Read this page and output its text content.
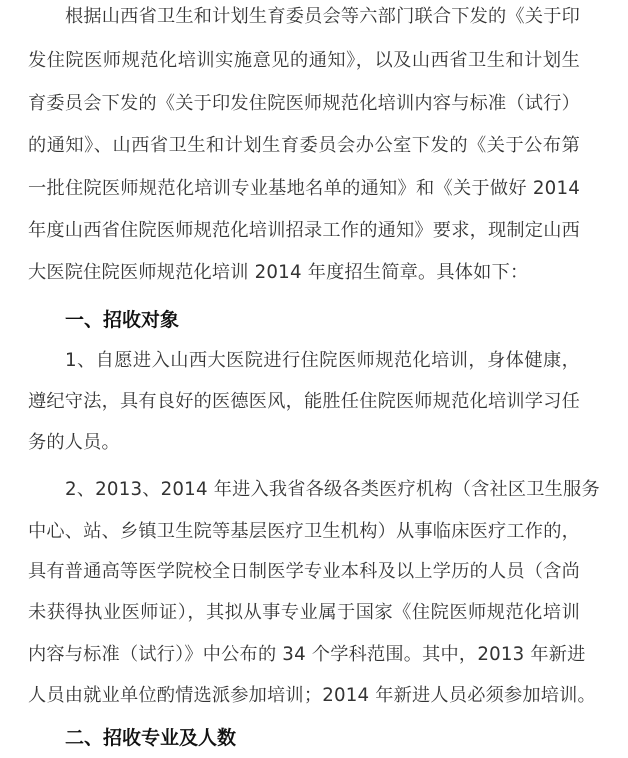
根据山西省卫生和计划生育委员会等六部门联合下发的《关于印
发住院医师规范化培训实施意见的通知》，以及山西省卫生和计划生
育委员会下发的《关于印发住院医师规范化培训内容与标准（试行）
的通知》、山西省卫生和计划生育委员会办公室下发的《关于公布第
一批住院医师规范化培训专业基地名单的通知》和《关于做好 2014
年度山西省住院医师规范化培训招录工作的通知》要求，现制定山西
大医院住院医师规范化培训 2014 年度招生简章。具体如下：
一、招收对象
1、自愿进入山西大医院进行住院医师规范化培训，身体健康，
遵纪守法，具有良好的医德医风，能胜任住院医师规范化培训学习任
务的人员。
2、2013、2014 年进入我省各级各类医疗机构（含社区卫生服务
中心、站、乡镇卫生院等基层医疗卫生机构）从事临床医疗工作的，
具有普通高等医学院校全日制医学专业本科及以上学历的人员（含尚
未获得执业医师证），其拟从事专业属于国家《住院医师规范化培训
内容与标准（试行）》中公布的 34 个学科范围。其中，2013 年新进
人员由就业单位酌情选派参加培训；2014 年新进人员必须参加培训。
二、招收专业及人数
